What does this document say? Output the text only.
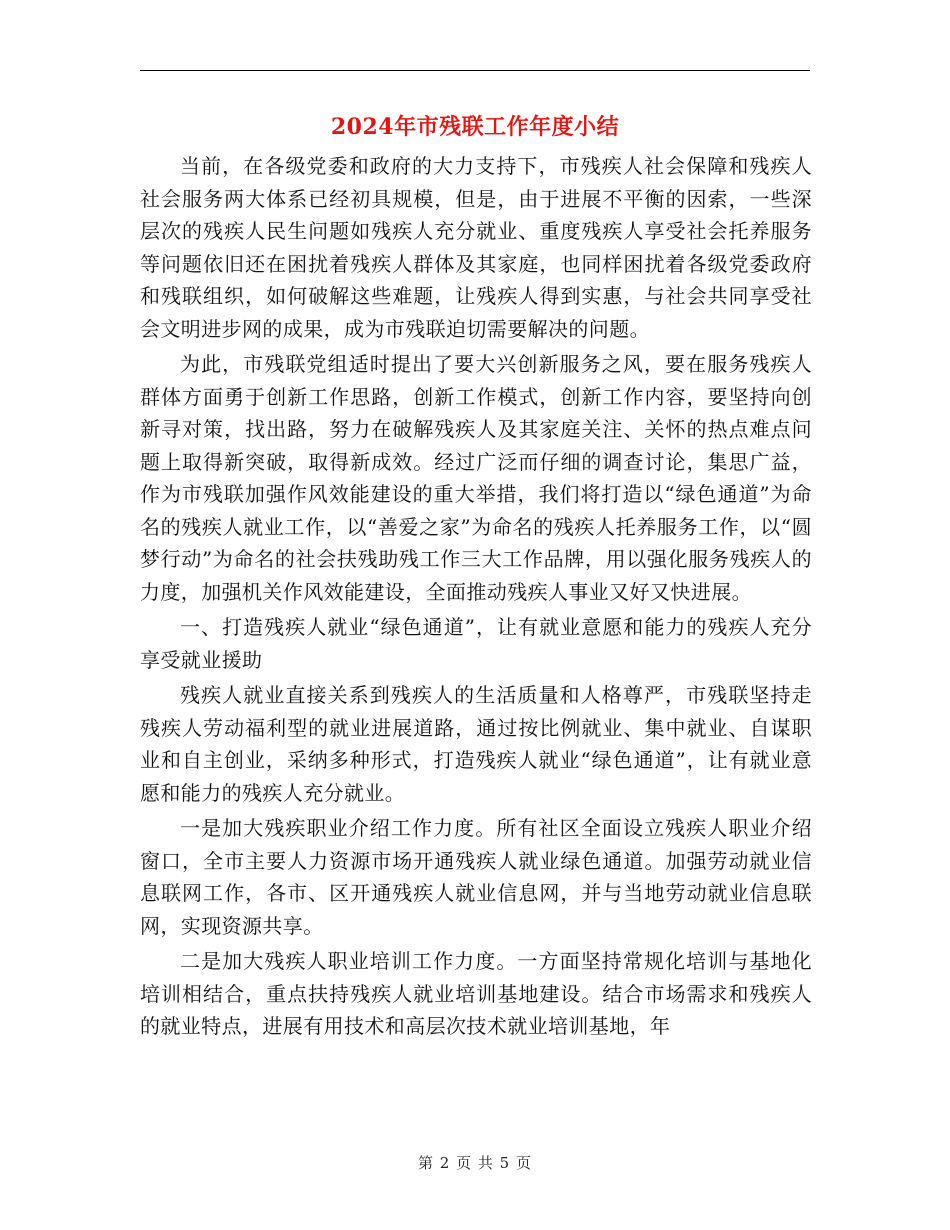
2024年市残联工作年度小结

当前，在各级党委和政府的大力支持下，市残疾人社会保障和残疾人社会服务两大体系已经初具规模，但是，由于进展不平衡的因索，一些深层次的残疾人民生问题如残疾人充分就业、重度残疾人享受社会托养服务等问题依旧还在困扰着残疾人群体及其家庭，也同样困扰着各级党委政府和残联组织，如何破解这些难题，让残疾人得到实惠，与社会共同享受社会文明进步网的成果，成为市残联迫切需要解决的问题。

为此，市残联党组适时提出了要大兴创新服务之风，要在服务残疾人群体方面勇于创新工作思路，创新工作模式，创新工作内容，要坚持向创新寻对策，找出路，努力在破解残疾人及其家庭关注、关怀的热点难点问题上取得新突破，取得新成效。经过广泛而仔细的调查讨论，集思广益，作为市残联加强作风效能建设的重大举措，我们将打造以“绿色通道”为命名的残疾人就业工作，以“善爱之家”为命名的残疾人托养服务工作，以“圆梦行动”为命名的社会扶残助残工作三大工作品牌，用以强化服务残疾人的力度，加强机关作风效能建设，全面推动残疾人事业又好又快进展。

一、打造残疾人就业“绿色通道”，让有就业意愿和能力的残疾人充分享受就业援助

残疾人就业直接关系到残疾人的生活质量和人格尊严，市残联坚持走残疾人劳动福利型的就业进展道路，通过按比例就业、集中就业、自谋职业和自主创业，采纳多种形式，打造残疾人就业“绿色通道”，让有就业意愿和能力的残疾人充分就业。

一是加大残疾职业介绍工作力度。所有社区全面设立残疾人职业介绍窗口，全市主要人力资源市场开通残疾人就业绿色通道。加强劳动就业信息联网工作，各市、区开通残疾人就业信息网，并与当地劳动就业信息联网，实现资源共享。

二是加大残疾人职业培训工作力度。一方面坚持常规化培训与基地化培训相结合，重点扶持残疾人就业培训基地建设。结合市场需求和残疾人的就业特点，进展有用技术和高层次技术就业培训基地，年

第 2 页 共 5 页
